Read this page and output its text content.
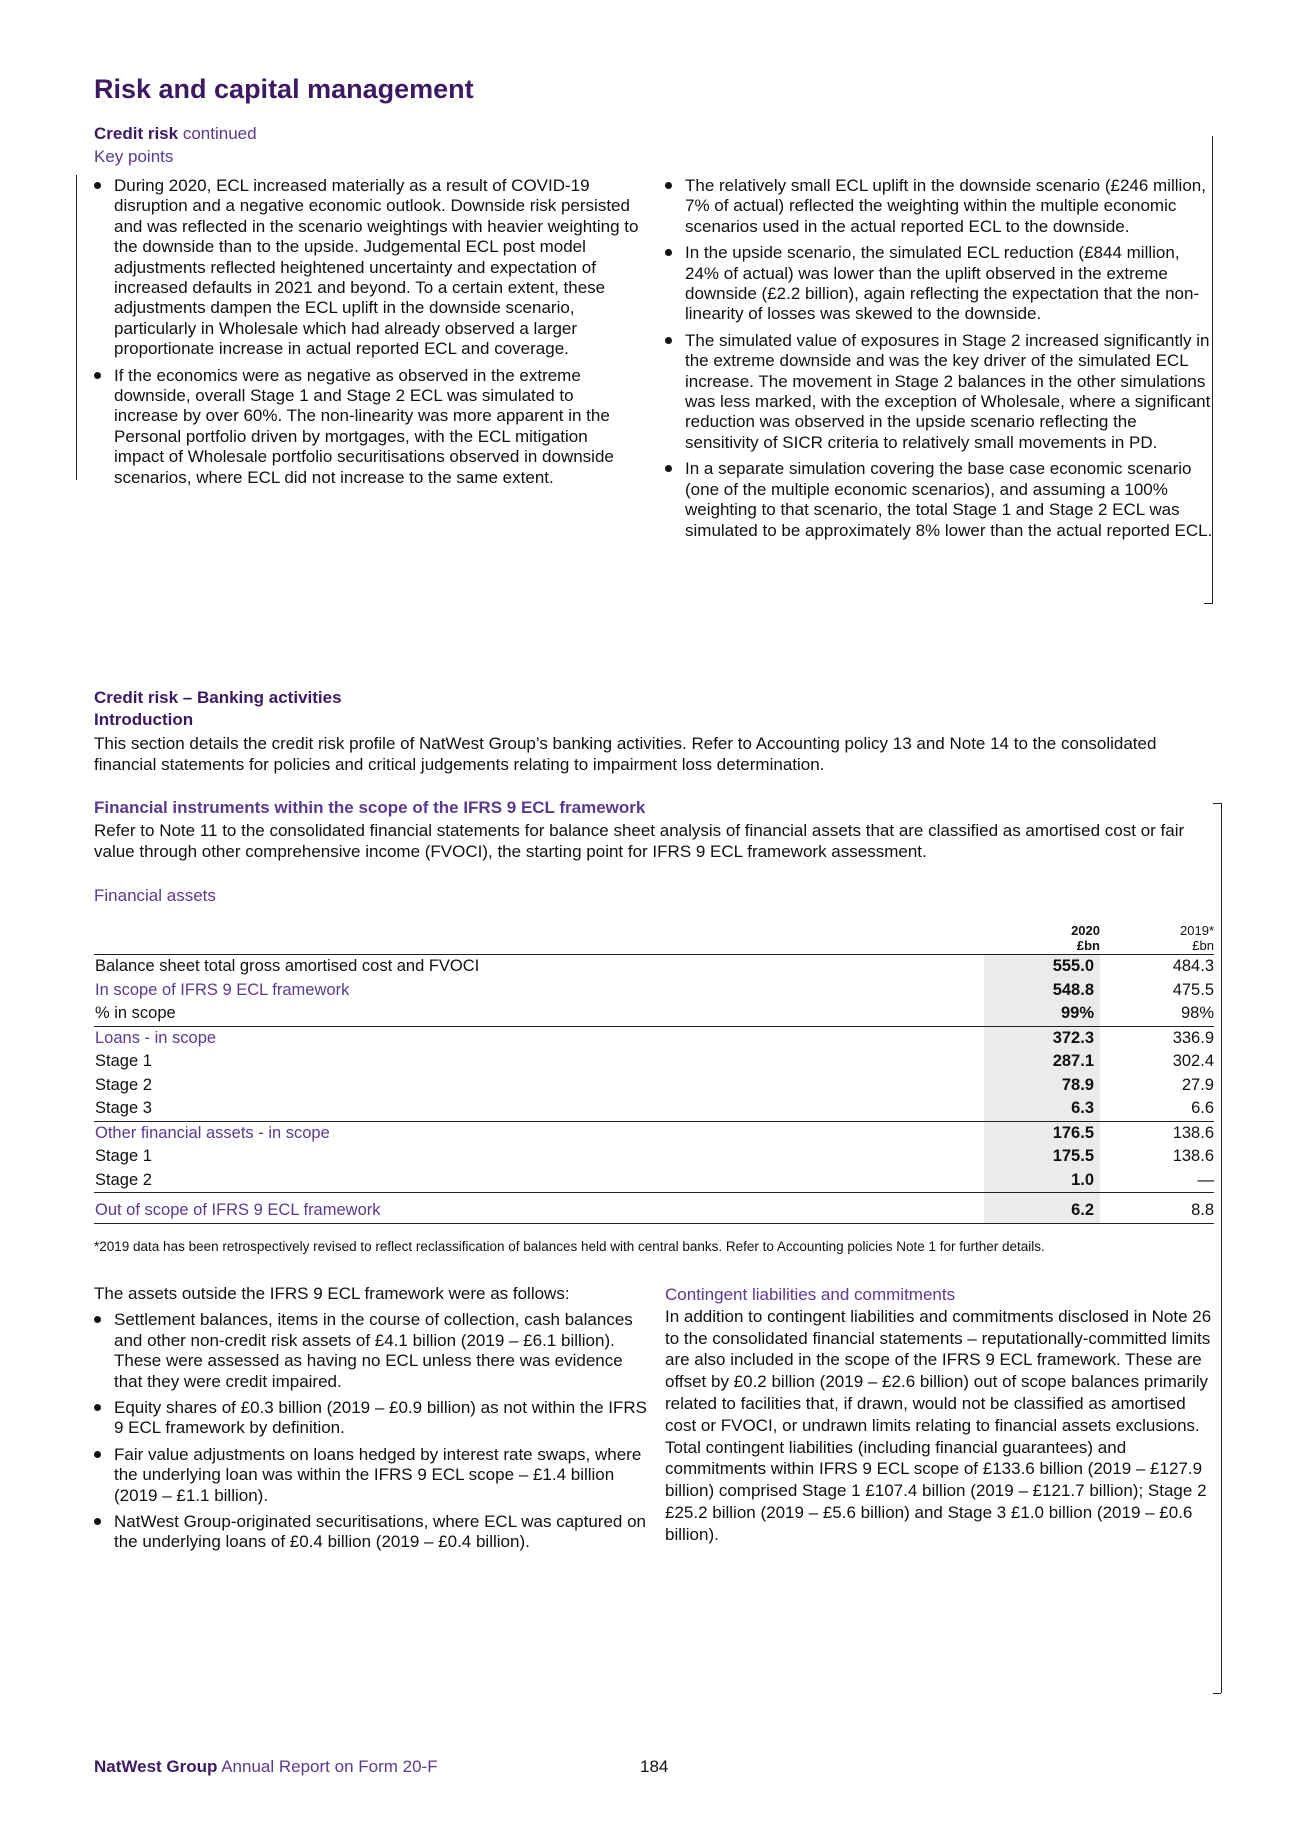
Risk and capital management
Credit risk continued
Key points
During 2020, ECL increased materially as a result of COVID-19 disruption and a negative economic outlook. Downside risk persisted and was reflected in the scenario weightings with heavier weighting to the downside than to the upside. Judgemental ECL post model adjustments reflected heightened uncertainty and expectation of increased defaults in 2021 and beyond. To a certain extent, these adjustments dampen the ECL uplift in the downside scenario, particularly in Wholesale which had already observed a larger proportionate increase in actual reported ECL and coverage.
If the economics were as negative as observed in the extreme downside, overall Stage 1 and Stage 2 ECL was simulated to increase by over 60%. The non-linearity was more apparent in the Personal portfolio driven by mortgages, with the ECL mitigation impact of Wholesale portfolio securitisations observed in downside scenarios, where ECL did not increase to the same extent.
The relatively small ECL uplift in the downside scenario (£246 million, 7% of actual) reflected the weighting within the multiple economic scenarios used in the actual reported ECL to the downside.
In the upside scenario, the simulated ECL reduction (£844 million, 24% of actual) was lower than the uplift observed in the extreme downside (£2.2 billion), again reflecting the expectation that the non-linearity of losses was skewed to the downside.
The simulated value of exposures in Stage 2 increased significantly in the extreme downside and was the key driver of the simulated ECL increase. The movement in Stage 2 balances in the other simulations was less marked, with the exception of Wholesale, where a significant reduction was observed in the upside scenario reflecting the sensitivity of SICR criteria to relatively small movements in PD.
In a separate simulation covering the base case economic scenario (one of the multiple economic scenarios), and assuming a 100% weighting to that scenario, the total Stage 1 and Stage 2 ECL was simulated to be approximately 8% lower than the actual reported ECL.
Credit risk – Banking activities
Introduction
This section details the credit risk profile of NatWest Group’s banking activities. Refer to Accounting policy 13 and Note 14 to the consolidated financial statements for policies and critical judgements relating to impairment loss determination.
Financial instruments within the scope of the IFRS 9 ECL framework
Refer to Note 11 to the consolidated financial statements for balance sheet analysis of financial assets that are classified as amortised cost or fair value through other comprehensive income (FVOCI), the starting point for IFRS 9 ECL framework assessment.
Financial assets
2020
£bn
2019*
£bn
Balance sheet total gross amortised cost and FVOCI	555.0	484.3
In scope of IFRS 9 ECL framework	548.8	475.5
% in scope	99%	98%
Loans - in scope	372.3	336.9
Stage 1	287.1	302.4
Stage 2	78.9	27.9
Stage 3	6.3	6.6
Other financial assets - in scope	176.5	138.6
Stage 1	175.5	138.6
Stage 2	1.0	—
Out of scope of IFRS 9 ECL framework	6.2	8.8
*2019 data has been retrospectively revised to reflect reclassification of balances held with central banks. Refer to Accounting policies Note 1 for further details.
The assets outside the IFRS 9 ECL framework were as follows:
Settlement balances, items in the course of collection, cash balances and other non-credit risk assets of £4.1 billion (2019 – £6.1 billion). These were assessed as having no ECL unless there was evidence that they were credit impaired.
Equity shares of £0.3 billion (2019 – £0.9 billion) as not within the IFRS 9 ECL framework by definition.
Fair value adjustments on loans hedged by interest rate swaps, where the underlying loan was within the IFRS 9 ECL scope – £1.4 billion (2019 – £1.1 billion).
NatWest Group-originated securitisations, where ECL was captured on the underlying loans of £0.4 billion (2019 – £0.4 billion).
Contingent liabilities and commitments
In addition to contingent liabilities and commitments disclosed in Note 26 to the consolidated financial statements – reputationally-committed limits are also included in the scope of the IFRS 9 ECL framework. These are offset by £0.2 billion (2019 – £2.6 billion) out of scope balances primarily related to facilities that, if drawn, would not be classified as amortised cost or FVOCI, or undrawn limits relating to financial assets exclusions. Total contingent liabilities (including financial guarantees) and commitments within IFRS 9 ECL scope of £133.6 billion (2019 – £127.9 billion) comprised Stage 1 £107.4 billion (2019 – £121.7 billion); Stage 2 £25.2 billion (2019 – £5.6 billion) and Stage 3 £1.0 billion (2019 – £0.6 billion).
NatWest Group Annual Report on Form 20-F	184
